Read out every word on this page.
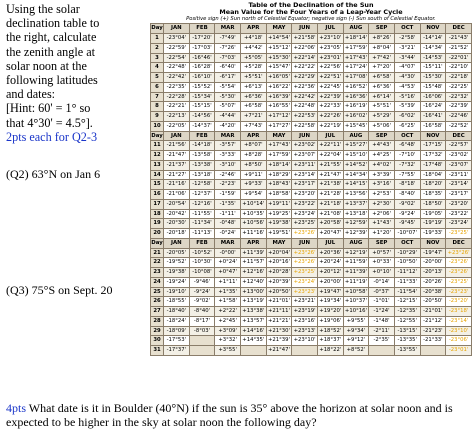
Using the solar
declination table to
the right, calculate
the zenith angle at
solar noon at the
following latitudes
and dates:
[Hint: 60' = 1° so
that 4°30' = 4.5°].
2pts each for Q2-3
(Q2) 63°N on Jan 6
(Q3) 75°S on Sept. 20
4pts What date is it in Boulder (40°N) if the sun is 35° above the horizon at solar noon and is expected to be higher in the sky at solar noon the following day?
Table of the Declination of the Sun
Mean Value for the Four Years of a Leap-Year Cycle
Positive sign (+) Sun north of Celestial Equator; negative sign (-) Sun south of Celestial Equator.
Day	JAN	FEB	MAR	APR	MAY	JUN	JUL	AUG	SEP	OCT	NOV	DEC
1	-23°04'	-17°20'	-7°49'	+4°18'	+14°54'	+21°58'	+23°10'	+18°14'	+8°26'	-2°58'	-14°14'	-21°43'
2	-22°59'	-17°03'	-7°26'	+4°42'	+15°12'	+22°06'	+23°05'	+17°59'	+8°04'	-3°21'	-14°34'	-21°52'
3	-22°54'	-16°46'	-7°03'	+5°05'	+15°30'	+22°14'	+23°01'	+17°43'	+7°42'	-3°44'	-14°53'	-22°01'
4	-22°48'	-16°28'	-6°40'	+5°28'	+15°47'	+22°22'	+22°56'	+17°24'	+7°20'	-4°07'	-15°11'	-22°10'
5	-22°42'	-16°10'	-6°17'	+5°51'	+16°05'	+22°29'	+22°51'	+17°08'	+6°58'	-4°30'	-15°30'	-22°18'
6	-22°35'	-15°52'	-5°54'	+6°13'	+16°22'	+22°36'	+22°45'	+16°52'	+6°36'	-4°53'	-15°48'	-22°25'
7	-22°28'	-15°34'	-5°30'	+6°36'	+16°39'	+22°42'	+22°39'	+16°36'	+6°14'	-5°16'	-16°06'	-22°32'
8	-22°21'	-15°15'	-5°07'	+6°58'	+16°55'	+22°48'	+22°33'	+16°19'	+5°51'	-5°39'	-16°24'	-22°39'
9	-22°13'	-14°56'	-4°44'	+7°21'	+17°12'	+22°53'	+22°26'	+16°02'	+5°29'	-6°02'	-16°41'	-22°46'
10	-22°05'	-14°37'	-4°20'	+7°43'	+17°27'	+22°58'	+22°19'	+15°45'	+5°06'	-6°25'	-16°58'	-22°52'
Day	JAN	FEB	MAR	APR	MAY	JUN	JUL	AUG	SEP	OCT	NOV	DEC
11	-21°56'	-14°18'	-3°57'	+8°07'	+17°43'	+23°02'	+22°11'	+15°27'	+4°43'	-6°48'	-17°15'	-22°57'
12	-21°47'	-13°58'	-3°33'	+8°28'	+17°59'	+23°07'	+22°04'	+15°10'	+4°25'	-7°10'	-17°32'	-23°02'
13	-21°37'	-13°38'	-3°10'	+8°50'	+18°14'	+23°11'	+21°55'	+14°52'	+4°02'	-7°32'	-17°48'	-23°07'
14	-21°27'	-13°18'	-2°46'	+9°11'	+18°29'	+23°14'	+21°47'	+14°34'	+3°39'	-7°55'	-18°04'	-23°11'
15	-21°16'	-12°58'	-2°23'	+9°33'	+18°43'	+23°17'	+21°38'	+14°15'	+3°16'	-8°18'	-18°20'	-23°14'
16	-21°06'	-12°37'	-1°59'	+9°54'	+18°58'	+23°20'	+21°28'	+13°56'	+2°53'	-8°40'	-18°35'	-23°17'
17	-20°54'	-12°16'	-1°35'	+10°14'	+19°11'	+23°22'	+21°18'	+13°37'	+2°30'	-9°02'	-18°50'	-23°20'
18	-20°42'	-11°55'	-1°11'	+10°35'	+19°25'	+23°24'	+21°08'	+13°18'	+2°06'	-9°24'	-19°05'	-23°22'
19	-20°30'	-11°34'	-0°48'	+10°56'	+19°38'	+23°25'	+20°58'	+12°59'	+1°43'	-9°45'	-19°19'	-23°24'
20	-20°18'	-11°13'	-0°24'	+11°16'	+19°51'	+23°26'	+20°47'	+12°39'	+1°20'	-10°07'	-19°33'	-23°25'
Day	JAN	FEB	MAR	APR	MAY	JUN	JUL	AUG	SEP	OCT	NOV	DEC
21	-20°05'	-10°52'	-0°00'	+11°39'	+20°04'	+23°26'	+20°36'	+12°19'	+0°57'	-10°29'	-19°47'	+23°26'
22	-19°52'	-10°30'	+0°24'	+11°57'	+20°16'	+23°26'	+20°24'	+11°59'	+0°33'	-10°50'	-20°00'	-23°26'
23	-19°38'	-10°08'	+0°47'	+12°16'	+20°28'	+23°25'	+20°12'	+11°39'	+0°10'	-11°12'	-20°13'	-23°26'
24	-19°24'	-9°46'	+1°11'	+12°40'	+20°39'	+23°24'	+20°00'	+11°19'	-0°14'	-11°33'	-20°26'	-23°25'
25	-19°10'	-9°24'	+1°35'	+13°00'	+20°50'	+23°23'	+19°47'	+10°58'	-0°37'	-11°54'	-20°38'	-23°23'
26	-18°55'	-9°02'	+1°58'	+13°19'	+21°01'	+23°21'	+19°34'	+10°37'	-1°01'	-12°15'	-20°50'	-23°20'
27	-18°40'	-8°40'	+2°22'	+13°38'	+21°11'	+23°19'	+19°20'	+10°16'	-1°24'	-12°35'	-21°01'	-23°18'
28	-18°24'	-8°17'	+2°45'	+13°57'	+21°21'	+23°16'	+19°06'	+9°55'	-1°48'	-12°55'	-21°12'	-23°14'
29	-18°09'	-8°03'	+3°09'	+14°16'	+21°30'	+23°13'	+18°52'	+9°34'	-2°11'	-13°15'	-21°23'	-23°10'
30	-17°53'		+3°32'	+14°35'	+21°39'	+23°10'	+18°37'	+9°12'	-2°35'	-13°35'	-21°33'	-23°06'
31	-17°37'		+3°55'		+21°47'		+18°22'	+8°52'		-13°55'		-23°01'
